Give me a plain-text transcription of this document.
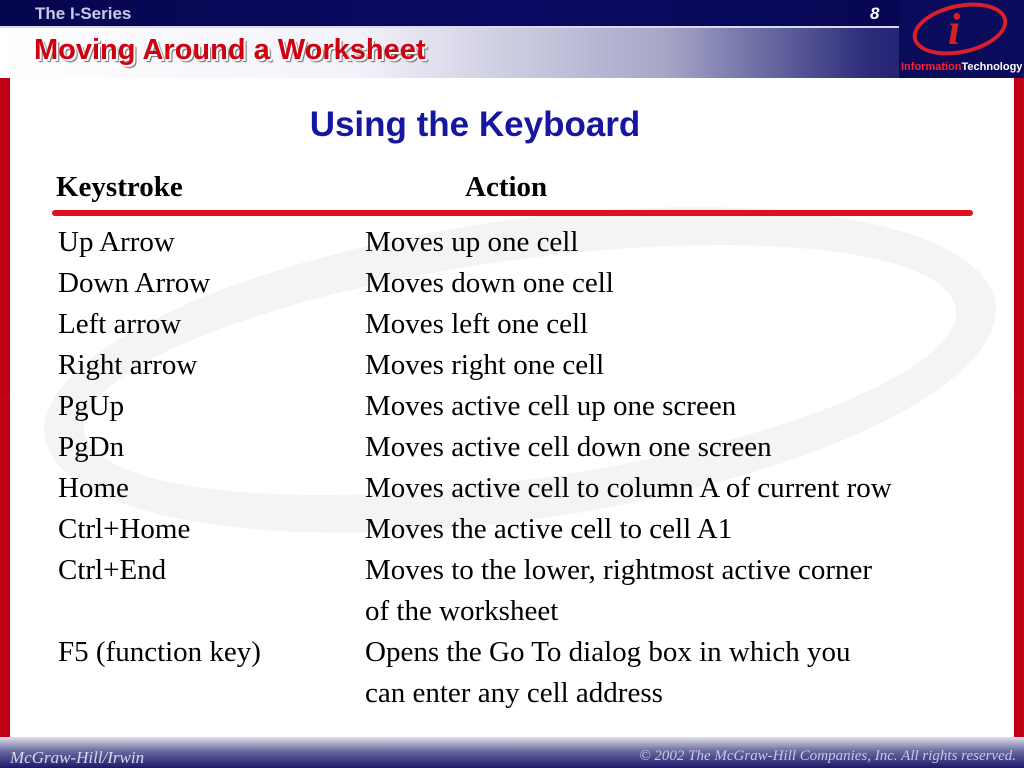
The I-Series	8
Moving Around a Worksheet	i
InformationTechnology
Using the Keyboard
Keystroke	Action
Up Arrow	Moves up one cell
Down Arrow	Moves down one cell
Left arrow	Moves left one cell
Right arrow	Moves right one cell
PgUp	Moves active cell up one screen
PgDn	Moves active cell down one screen
Home	Moves active cell to column A of current row
Ctrl+Home	Moves the active cell to cell A1
Ctrl+End	Moves to the lower, rightmost active corner
of the worksheet
F5 (function key)	Opens the Go To dialog box in which you
can enter any cell address
McGraw-Hill/Irwin	© 2002 The McGraw-Hill Companies, Inc. All rights reserved.
